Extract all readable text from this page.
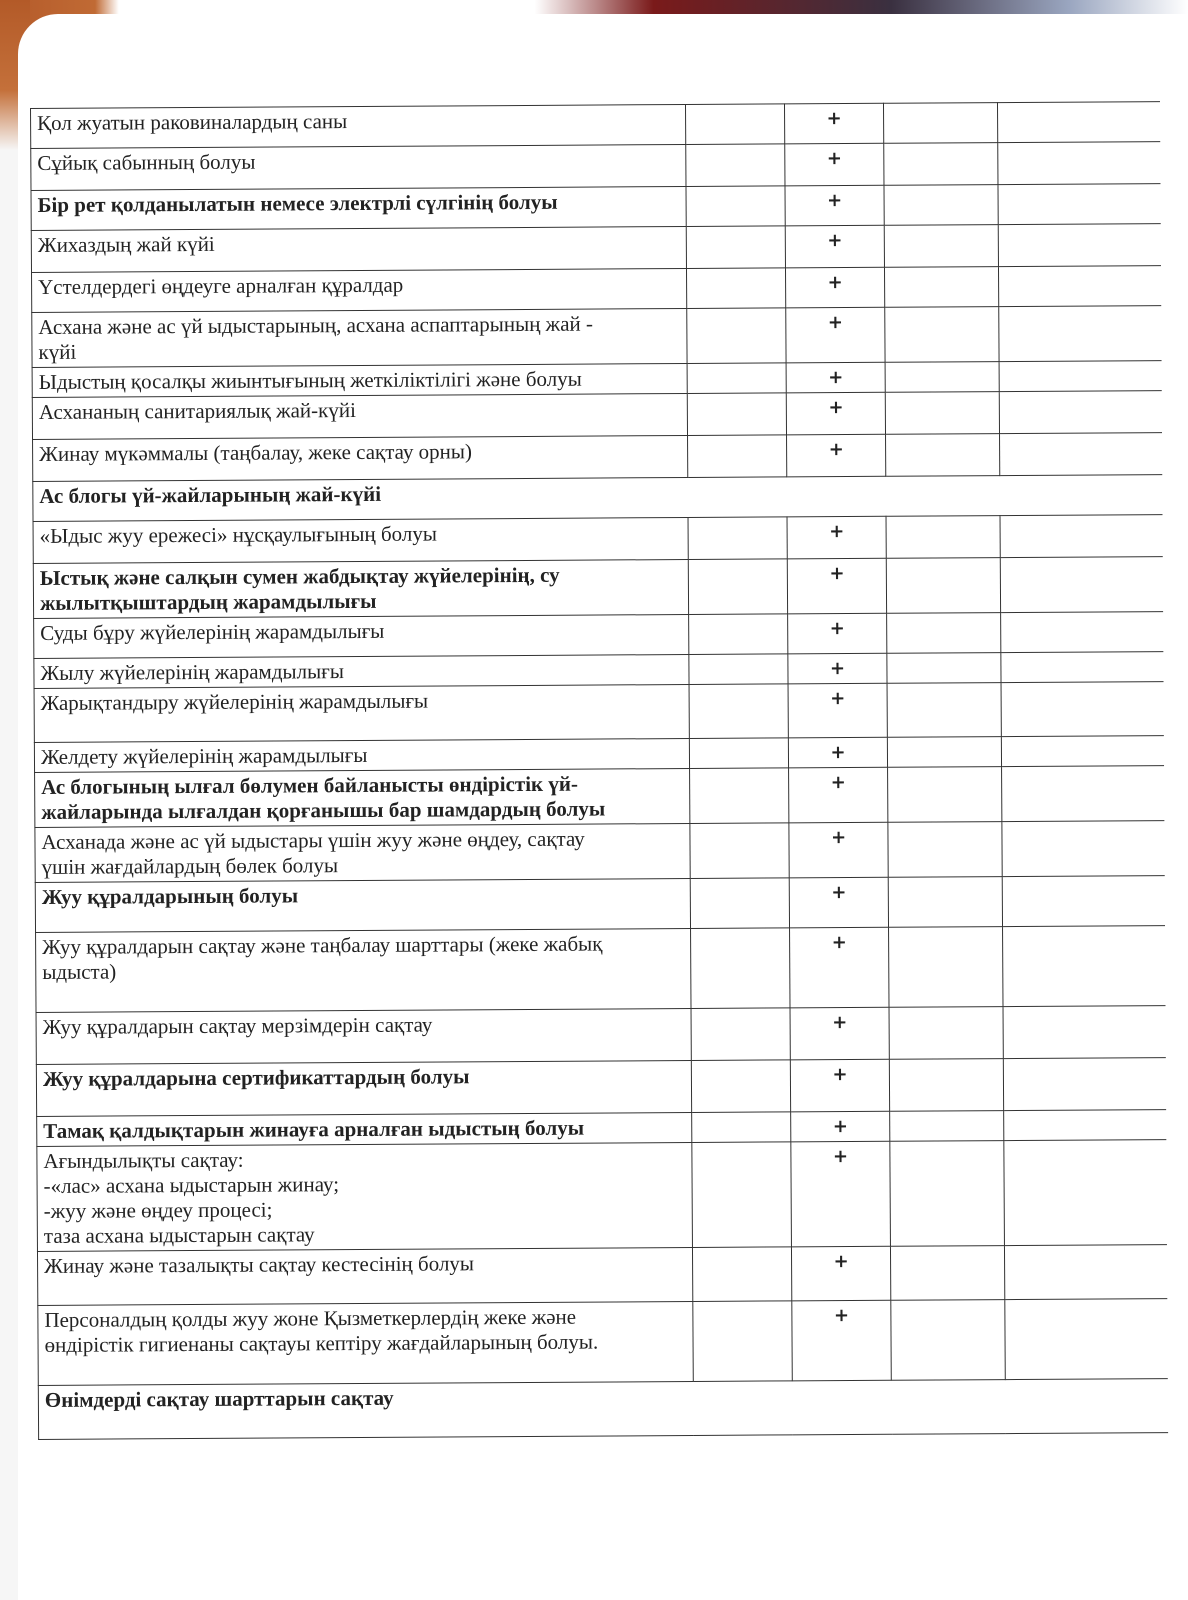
Қол жуатын раковиналардың саны		+		
Сұйық сабынның болуы		+		
Бір рет қолданылатын немесе электрлі сүлгінің болуы		+		
Жихаздың жай күйі		+		
Үстелдердегі өңдеуге арналған құралдар		+		
Асхана және ас үй ыдыстарының, асхана аспаптарының жай -
күйі		+		
Ыдыстың қосалқы жиынтығының жеткіліктілігі және болуы		+		
Асхананың санитариялық жай-күйі		+		
Жинау мүкәммалы (таңбалау, жеке сақтау орны)		+		
Ас блогы үй-жайларының жай-күйі				
«Ыдыс жуу ережесі» нұсқаулығының болуы		+		
Ыстық және салқын сумен жабдықтау жүйелерінің, су
жылытқыштардың жарамдылығы		+		
Суды бұру жүйелерінің жарамдылығы		+		
Жылу жүйелерінің жарамдылығы		+		
Жарықтандыру жүйелерінің жарамдылығы		+		
Желдету жүйелерінің жарамдылығы		+		
Ас блогының ылғал бөлумен байланысты өндірістік үй-
жайларында ылғалдан қорғанышы бар шамдардың болуы		+		
Асханада және ас үй ыдыстары үшін жуу және өңдеу, сақтау
үшін жағдайлардың бөлек болуы		+		
Жуу құралдарының болуы		+		
Жуу құралдарын сақтау және таңбалау шарттары (жеке жабық
ыдыста)		+		
Жуу құралдарын сақтау мерзімдерін сақтау		+		
Жуу құралдарына сертификаттардың болуы		+		
Тамақ қалдықтарын жинауға арналған ыдыстың болуы		+		
Ағындылықты сақтау:
-«лас» асхана ыдыстарын жинау;
-жуу және өңдеу процесі;
таза асхана ыдыстарын сақтау		+		
Жинау және тазалықты сақтау кестесінің болуы		+		
Персоналдың қолды жуу жоне Қызметкерлердің жеке және
өндірістік гигиенаны сақтауы кептіру жағдайларының болуы.		+		
Өнімдерді сақтау шарттарын сақтау				
